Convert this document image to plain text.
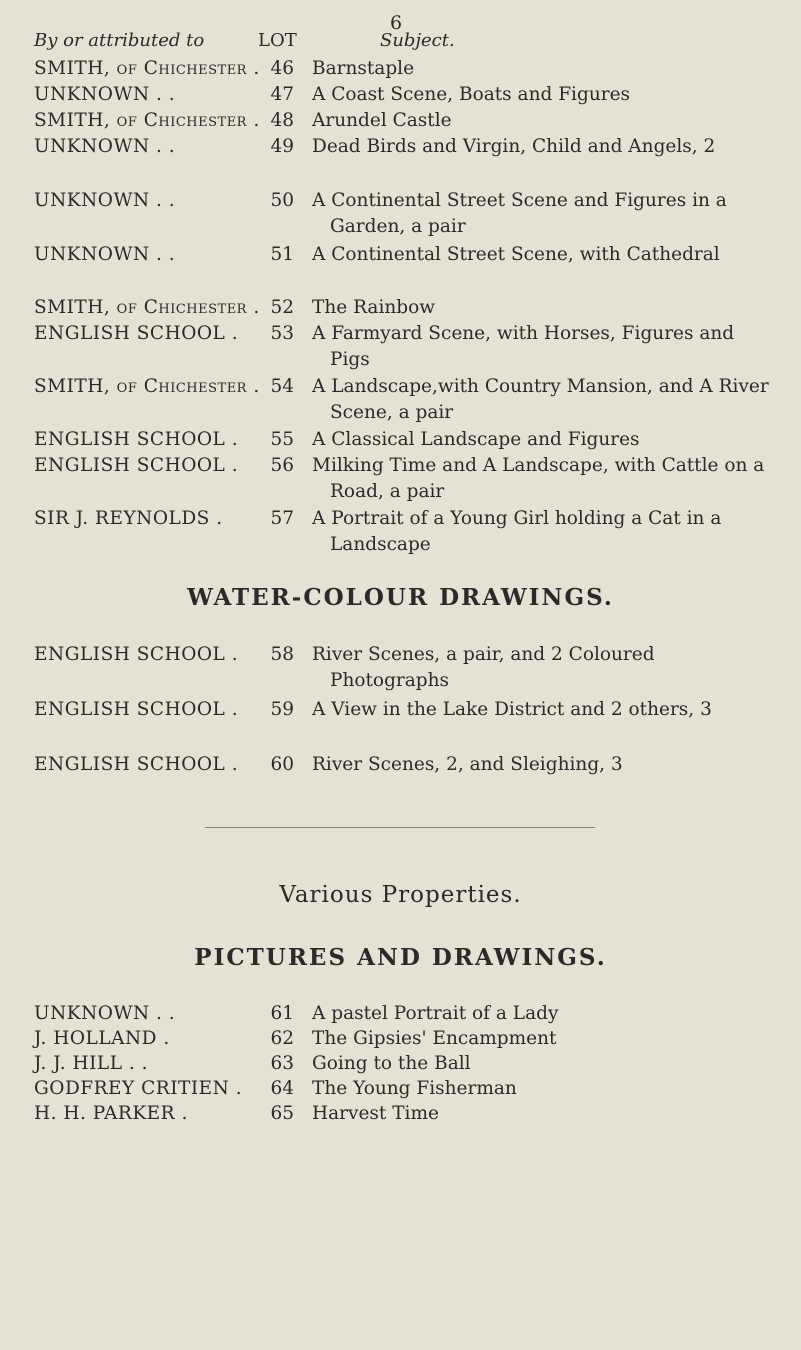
6
By or attributed to	LOT	Subject.
SMITH, of Chichester . 46 Barnstaple
UNKNOWN . .	47 A Coast Scene, Boats and Figures
SMITH, of Chichester . 48 Arundel Castle
UNKNOWN . .	49 Dead Birds and Virgin, Child and Angels, 2
UNKNOWN . .	50 A Continental Street Scene and Figures in a Garden, a pair
UNKNOWN . .	51 A Continental Street Scene, with Cathedral
SMITH, of Chichester . 52 The Rainbow
ENGLISH SCHOOL .	53 A Farmyard Scene, with Horses, Figures and Pigs
SMITH, of Chichester . 54 A Landscape,with Country Mansion, and A River Scene, a pair
ENGLISH SCHOOL .	55 A Classical Landscape and Figures
ENGLISH SCHOOL .	56 Milking Time and A Landscape, with Cattle on a Road, a pair
SIR J. REYNOLDS .	57 A Portrait of a Young Girl holding a Cat in a Landscape
WATER-COLOUR DRAWINGS.
ENGLISH SCHOOL .	58 River Scenes, a pair, and 2 Coloured Photographs
ENGLISH SCHOOL .	59 A View in the Lake District and 2 others, 3
ENGLISH SCHOOL .	60 River Scenes, 2, and Sleighing, 3
Various Properties.
PICTURES AND DRAWINGS.
UNKNOWN . .	61 A pastel Portrait of a Lady
J. HOLLAND .	62 The Gipsies' Encampment
J. J. HILL . .	63 Going to the Ball
GODFREY CRITIEN .	64 The Young Fisherman
H. H. PARKER .	65 Harvest Time
